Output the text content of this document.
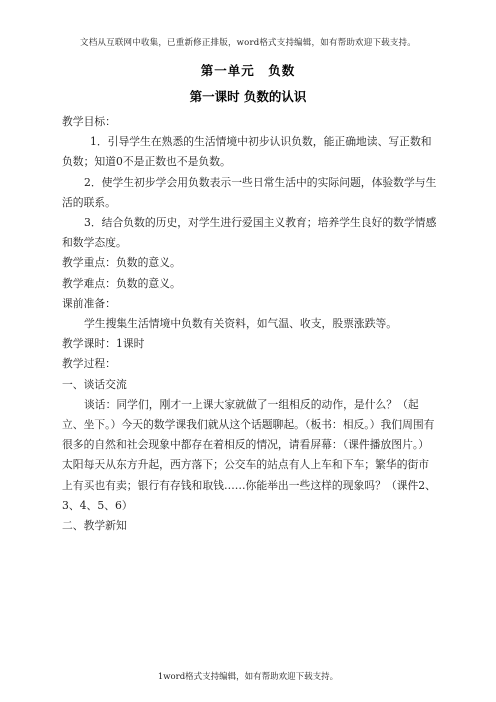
文档从互联网中收集，已重新修正排版，word格式支持编辑，如有帮助欢迎下载支持。
第一单元　负数
第一课时 负数的认识

教学目标：

1．引导学生在熟悉的生活情境中初步认识负数，能正确地读、写正数和负数；知道0不是正数也不是负数。

2．使学生初步学会用负数表示一些日常生活中的实际问题，体验数学与生活的联系。

3．结合负数的历史，对学生进行爱国主义教育；培养学生良好的数学情感和数学态度。

教学重点：负数的意义。

教学难点：负数的意义。

课前准备：

学生搜集生活情境中负数有关资料，如气温、收支，股票涨跌等。

教学课时：1课时

教学过程：

一、谈话交流

谈话：同学们，刚才一上课大家就做了一组相反的动作，是什么？（起立、坐下。）今天的数学课我们就从这个话题聊起。（板书：相反。）我们周围有很多的自然和社会现象中都存在着相反的情况，请看屏幕：（课件播放图片。）太阳每天从东方升起，西方落下；公交车的站点有人上车和下车；繁华的街市上有买也有卖；银行有存钱和取钱……你能举出一些这样的现象吗？（课件2、3、4、5、6）

二、教学新知

1word格式支持编辑，如有帮助欢迎下载支持。
